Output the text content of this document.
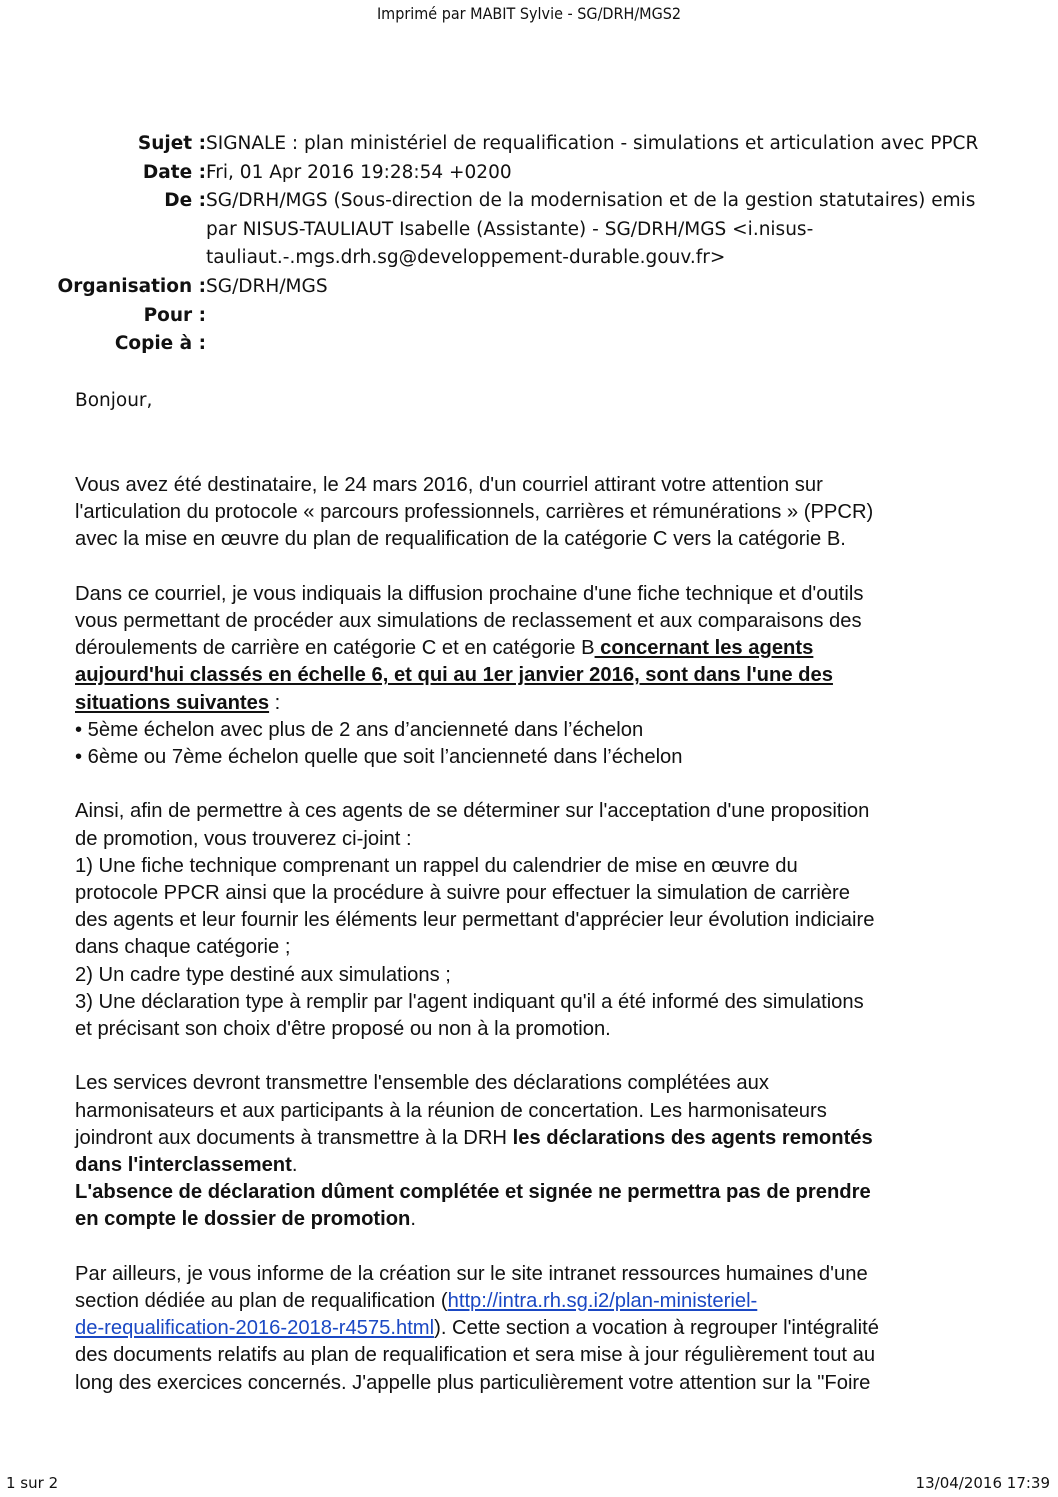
Imprimé par MABIT Sylvie - SG/DRH/MGS2
Sujet : SIGNALE : plan ministériel de requalification - simulations et articulation avec PPCR
Date : Fri, 01 Apr 2016 19:28:54 +0200
De : SG/DRH/MGS (Sous-direction de la modernisation et de la gestion statutaires) emis
par NISUS-TAULIAUT Isabelle (Assistante) - SG/DRH/MGS <i.nisus-
tauliaut.-.mgs.drh.sg@developpement-durable.gouv.fr>
Organisation : SG/DRH/MGS
Pour :
Copie à :
Bonjour,

Vous avez été destinataire, le 24 mars 2016, d'un courriel attirant votre attention sur
l'articulation du protocole « parcours professionnels, carrières et rémunérations » (PPCR)
avec la mise en œuvre du plan de requalification de la catégorie C vers la catégorie B.

Dans ce courriel, je vous indiquais la diffusion prochaine d'une fiche technique et d'outils
vous permettant de procéder aux simulations de reclassement et aux comparaisons des
déroulements de carrière en catégorie C et en catégorie B concernant les agents
aujourd'hui classés en échelle 6, et qui au 1er janvier 2016, sont dans l'une des
situations suivantes :
• 5ème échelon avec plus de 2 ans d’ancienneté dans l’échelon
• 6ème ou 7ème échelon quelle que soit l’ancienneté dans l’échelon

Ainsi, afin de permettre à ces agents de se déterminer sur l'acceptation d'une proposition
de promotion, vous trouverez ci-joint :
1) Une fiche technique comprenant un rappel du calendrier de mise en œuvre du
protocole PPCR ainsi que la procédure à suivre pour effectuer la simulation de carrière
des agents et leur fournir les éléments leur permettant d'apprécier leur évolution indiciaire
dans chaque catégorie ;
2) Un cadre type destiné aux simulations ;
3) Une déclaration type à remplir par l'agent indiquant qu'il a été informé des simulations
et précisant son choix d'être proposé ou non à la promotion.

Les services devront transmettre l'ensemble des déclarations complétées aux
harmonisateurs et aux participants à la réunion de concertation. Les harmonisateurs
joindront aux documents à transmettre à la DRH les déclarations des agents remontés
dans l'interclassement.
L'absence de déclaration dûment complétée et signée ne permettra pas de prendre
en compte le dossier de promotion.

Par ailleurs, je vous informe de la création sur le site intranet ressources humaines d'une
section dédiée au plan de requalification (http://intra.rh.sg.i2/plan-ministeriel-
de-requalification-2016-2018-r4575.html). Cette section a vocation à regrouper l'intégralité
des documents relatifs au plan de requalification et sera mise à jour régulièrement tout au
long des exercices concernés. J'appelle plus particulièrement votre attention sur la "Foire

1 sur 2	13/04/2016 17:39
